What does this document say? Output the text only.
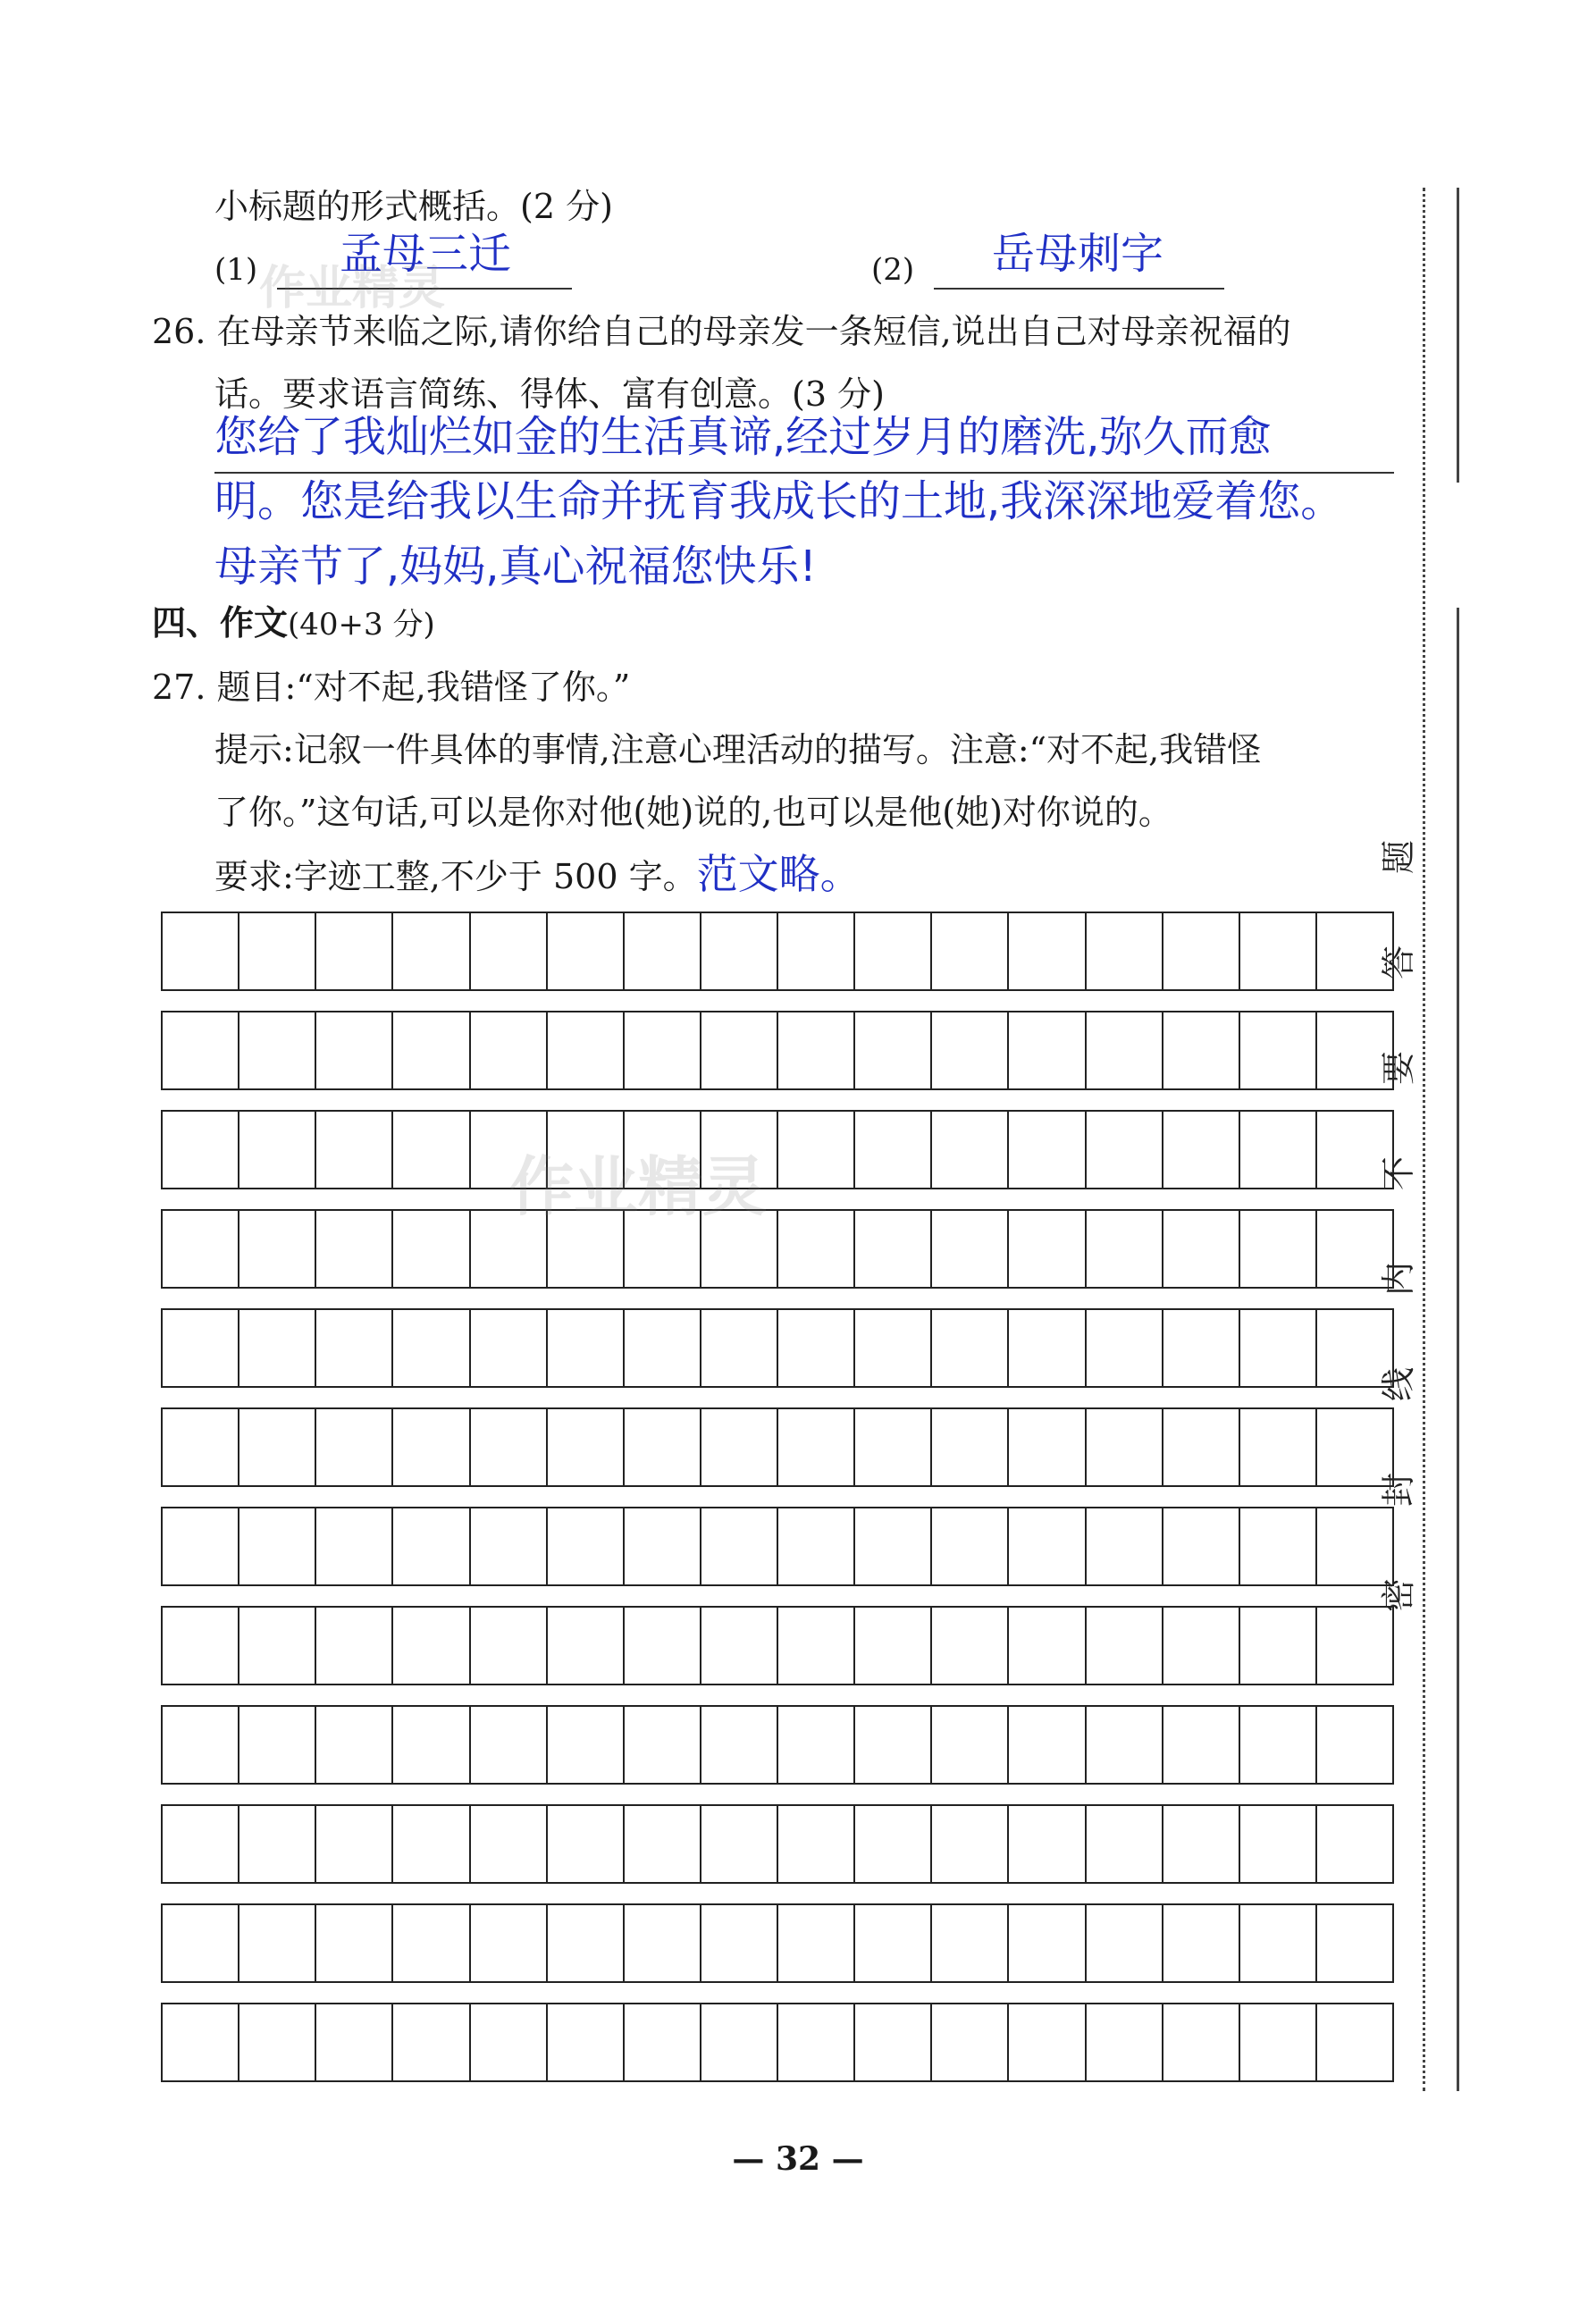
小标题的形式概括。(2 分)
(1) 孟母三迁	(2) 岳母刺字
26. 在母亲节来临之际,请你给自己的母亲发一条短信,说出自己对母亲祝福的
话。要求语言简练、得体、富有创意。(3 分)
您给了我灿烂如金的生活真谛,经过岁月的磨洗,弥久而愈
明。您是给我以生命并抚育我成长的土地,我深深地爱着您。
母亲节了,妈妈,真心祝福您快乐!
四、作文(40+3 分)
27. 题目:“对不起,我错怪了你。”
提示:记叙一件具体的事情,注意心理活动的描写。注意:“对不起,我错怪
了你。”这句话,可以是你对他(她)说的,也可以是他(她)对你说的。
要求:字迹工整,不少于 500 字。范文略。
作业精灵
作业精灵
题
答
要
不
内
线
封
密
— 32 —
